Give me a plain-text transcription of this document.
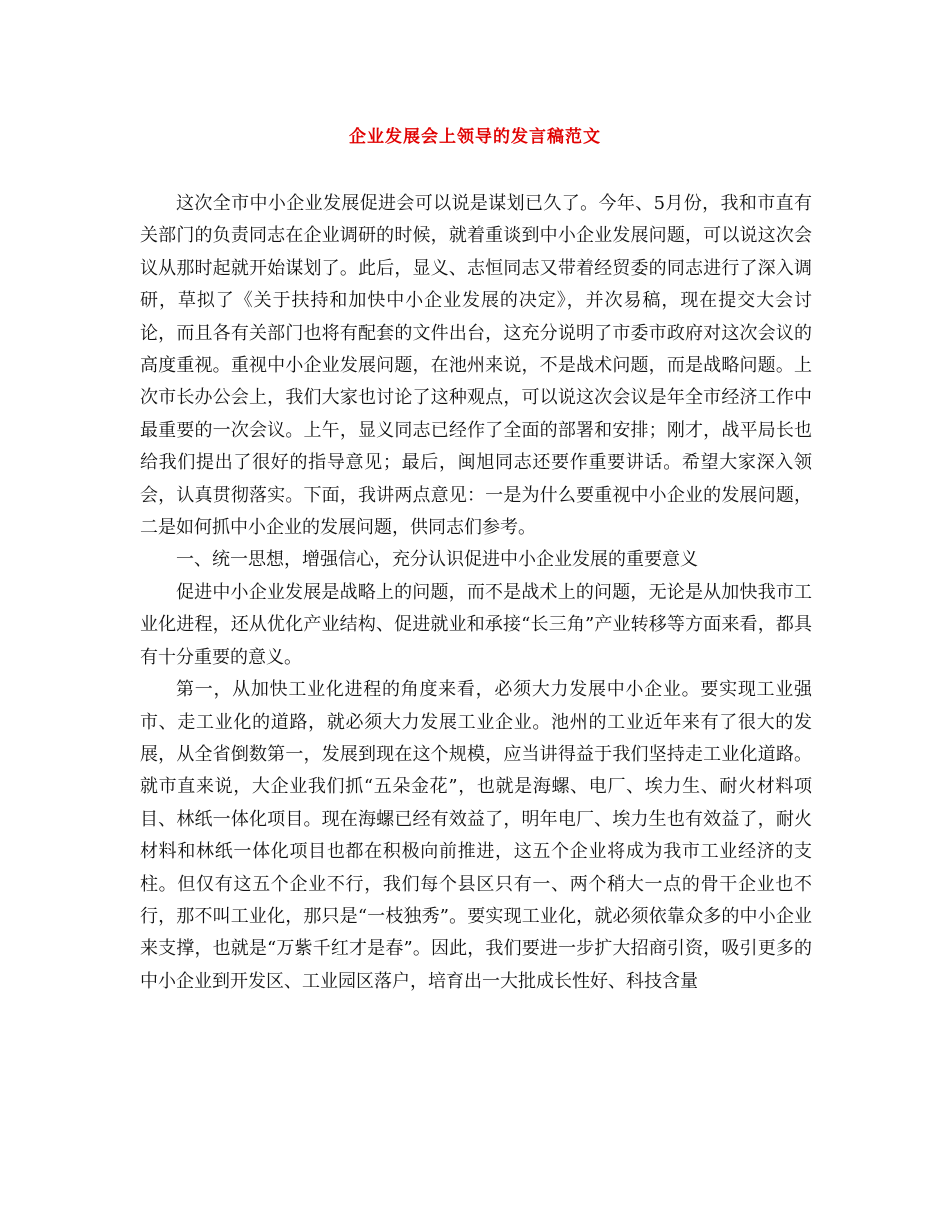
企业发展会上领导的发言稿范文

这次全市中小企业发展促进会可以说是谋划已久了。今年、5月份，我和市直有关部门的负责同志在企业调研的时候，就着重谈到中小企业发展问题，可以说这次会议从那时起就开始谋划了。此后，显义、志恒同志又带着经贸委的同志进行了深入调研，草拟了《关于扶持和加快中小企业发展的决定》，并次易稿，现在提交大会讨论，而且各有关部门也将有配套的文件出台，这充分说明了市委市政府对这次会议的高度重视。重视中小企业发展问题，在池州来说，不是战术问题，而是战略问题。上次市长办公会上，我们大家也讨论了这种观点，可以说这次会议是年全市经济工作中最重要的一次会议。上午，显义同志已经作了全面的部署和安排；刚才，战平局长也给我们提出了很好的指导意见；最后，闽旭同志还要作重要讲话。希望大家深入领会，认真贯彻落实。下面，我讲两点意见：一是为什么要重视中小企业的发展问题，二是如何抓中小企业的发展问题，供同志们参考。

一、统一思想，增强信心，充分认识促进中小企业发展的重要意义

促进中小企业发展是战略上的问题，而不是战术上的问题，无论是从加快我市工业化进程，还从优化产业结构、促进就业和承接“长三角”产业转移等方面来看，都具有十分重要的意义。

第一，从加快工业化进程的角度来看，必须大力发展中小企业。要实现工业强市、走工业化的道路，就必须大力发展工业企业。池州的工业近年来有了很大的发展，从全省倒数第一，发展到现在这个规模，应当讲得益于我们坚持走工业化道路。就市直来说，大企业我们抓“五朵金花”，也就是海螺、电厂、埃力生、耐火材料项目、林纸一体化项目。现在海螺已经有效益了，明年电厂、埃力生也有效益了，耐火材料和林纸一体化项目也都在积极向前推进，这五个企业将成为我市工业经济的支柱。但仅有这五个企业不行，我们每个县区只有一、两个稍大一点的骨干企业也不行，那不叫工业化，那只是“一枝独秀”。要实现工业化，就必须依靠众多的中小企业来支撑，也就是“万紫千红才是春”。因此，我们要进一步扩大招商引资，吸引更多的中小企业到开发区、工业园区落户，培育出一大批成长性好、科技含量
